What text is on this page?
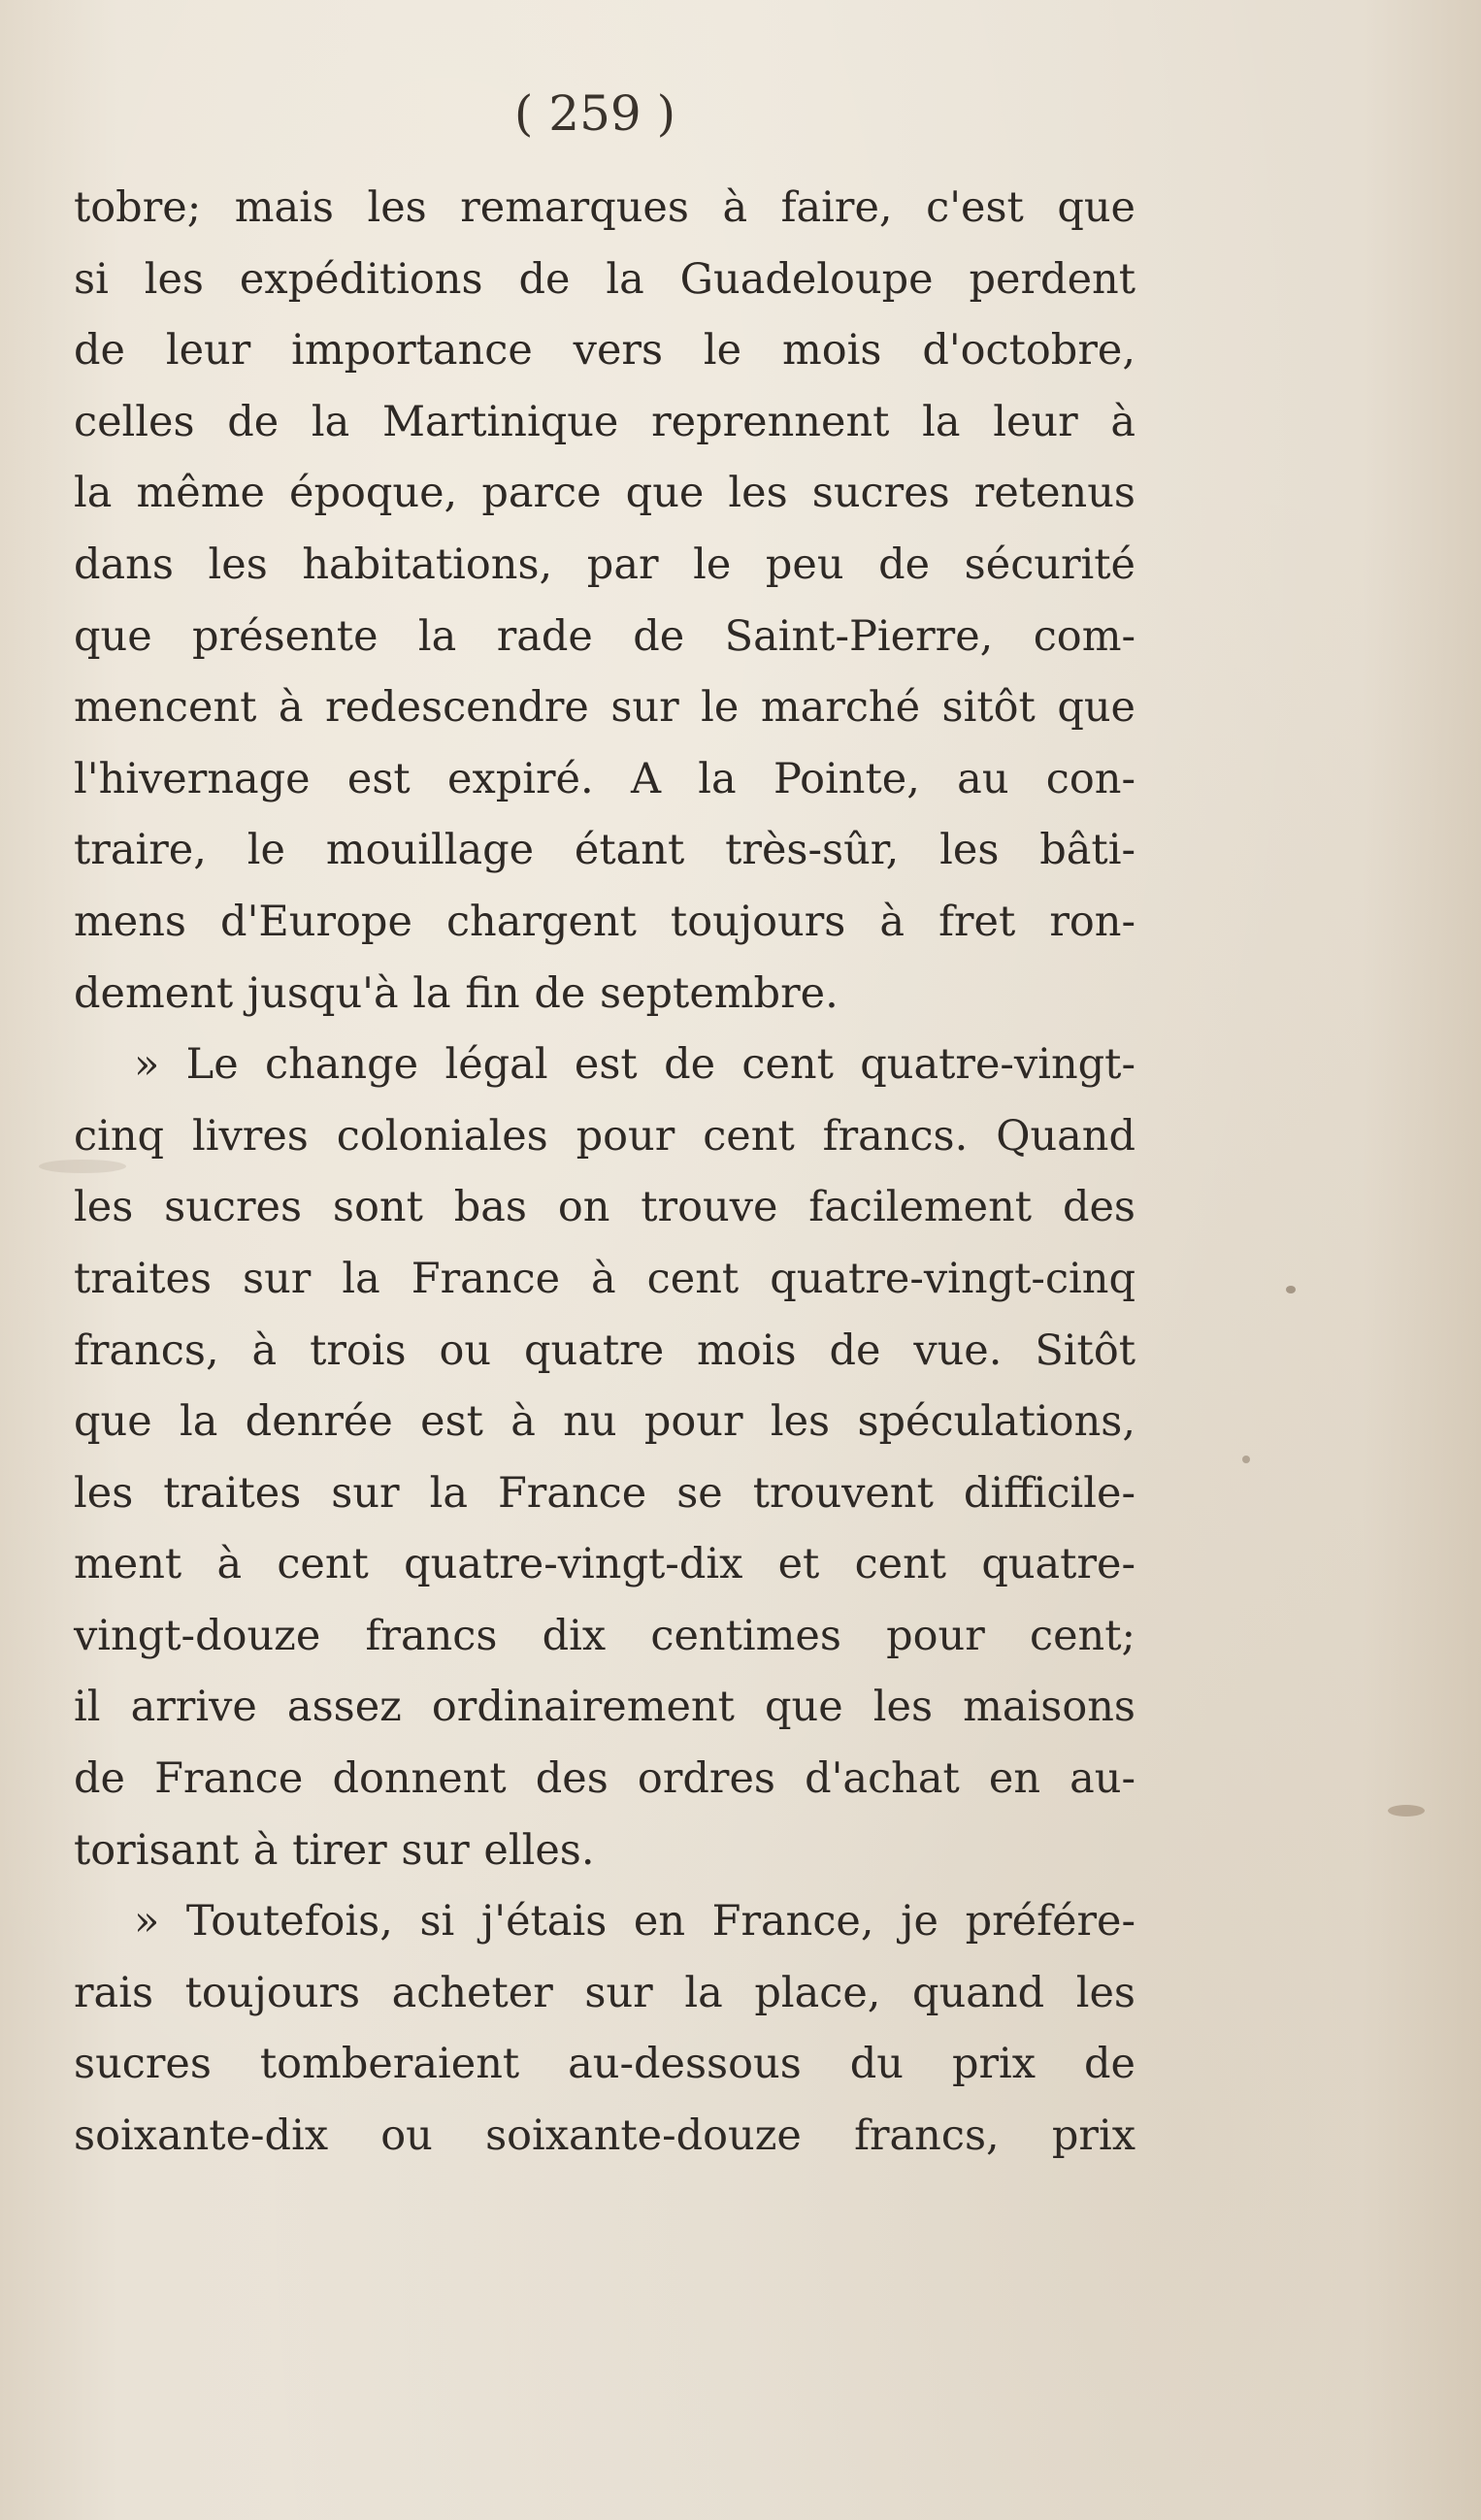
( 259 )
tobre; mais les remarques à faire, c'est que
si les expéditions de la Guadeloupe perdent
de leur importance vers le mois d'octobre,
celles de la Martinique reprennent la leur à
la même époque, parce que les sucres retenus
dans les habitations, par le peu de sécurité
que présente la rade de Saint-Pierre, com-
mencent à redescendre sur le marché sitôt que
l'hivernage est expiré. A la Pointe, au con-
traire, le mouillage étant très-sûr, les bâti-
mens d'Europe chargent toujours à fret ron-
dement jusqu'à la fin de septembre.
» Le change légal est de cent quatre-vingt-
cinq livres coloniales pour cent francs. Quand
les sucres sont bas on trouve facilement des
traites sur la France à cent quatre-vingt-cinq
francs, à trois ou quatre mois de vue. Sitôt
que la denrée est à nu pour les spéculations,
les traites sur la France se trouvent difficile-
ment à cent quatre-vingt-dix et cent quatre-
vingt-douze francs dix centimes pour cent;
il arrive assez ordinairement que les maisons
de France donnent des ordres d'achat en au-
torisant à tirer sur elles.
» Toutefois, si j'étais en France, je préfére-
rais toujours acheter sur la place, quand les
sucres tomberaient au-dessous du prix de
soixante-dix ou soixante-douze francs, prix
